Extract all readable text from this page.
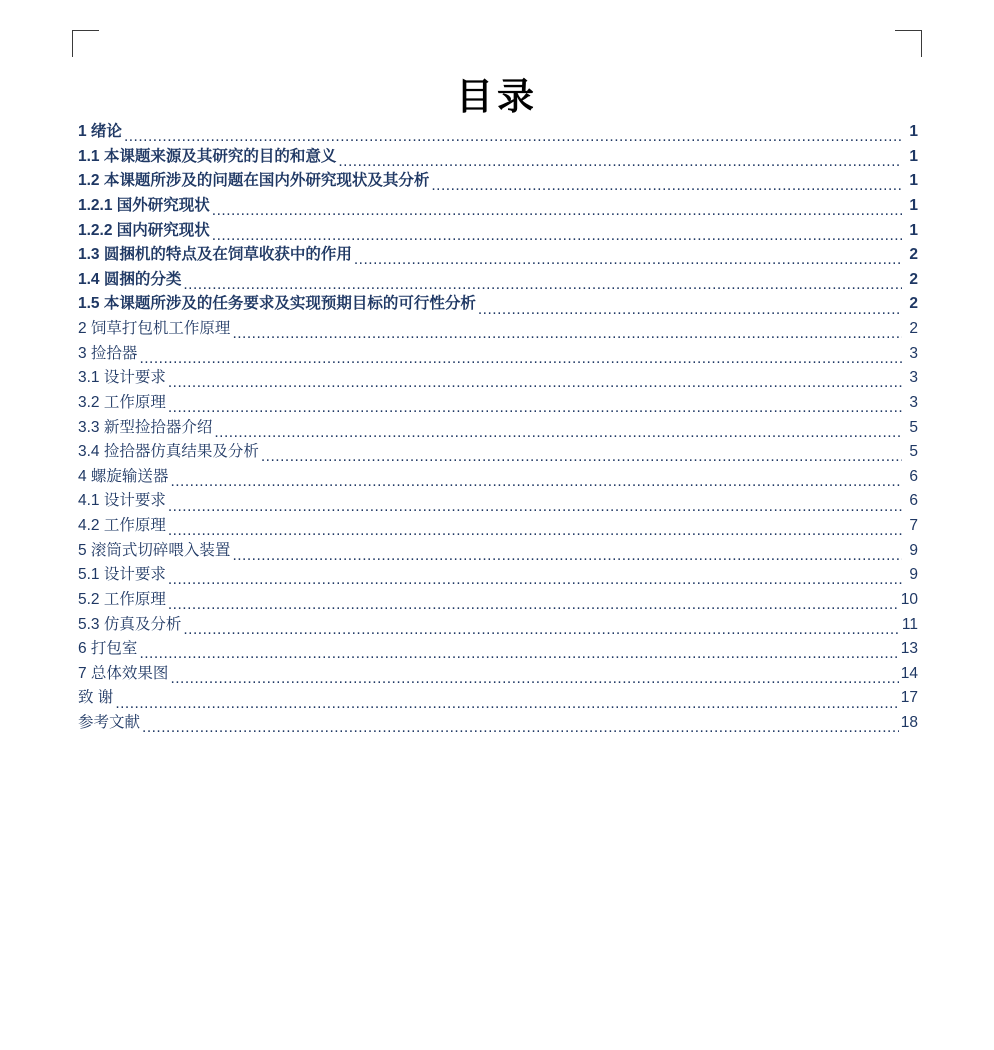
目录
1 绪论 .....	1
1.1 本课题来源及其研究的目的和意义 .....	1
1.2 本课题所涉及的问题在国内外研究现状及其分析 .....	1
1.2.1 国外研究现状 .....	1
1.2.2 国内研究现状 .....	1
1.3 圆捆机的特点及在饲草收获中的作用 .....	2
1.4 圆捆的分类 .....	2
1.5 本课题所涉及的任务要求及实现预期目标的可行性分析 .....	2
2 饲草打包机工作原理 .....	2
3 捡拾器 .....	3
3.1 设计要求 .....	3
3.2 工作原理 .....	3
3.3 新型捡拾器介绍 .....	5
3.4 捡拾器仿真结果及分析 .....	5
4 螺旋输送器 .....	6
4.1 设计要求 .....	6
4.2 工作原理 .....	7
5 滚筒式切碎喂入装置 .....	9
5.1 设计要求 .....	9
5.2 工作原理 .....	10
5.3 仿真及分析 .....	11
6 打包室 .....	13
7 总体效果图 .....	14
致 谢 .....	17
参考文献 .....	18
